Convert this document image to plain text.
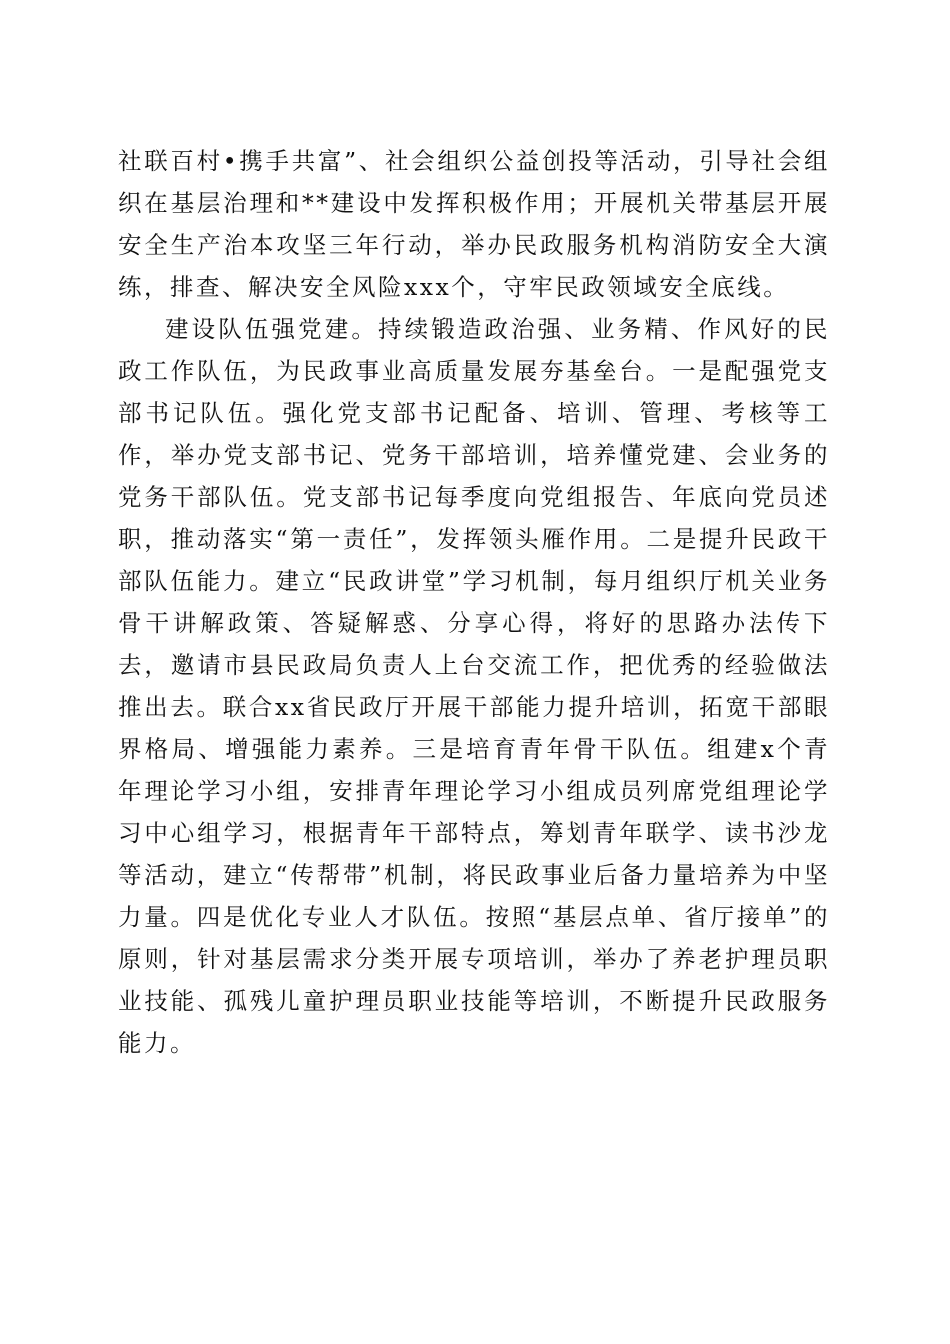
社联百村•携手共富”、社会组织公益创投等活动，引导社会组织在基层治理和**建设中发挥积极作用；开展机关带基层开展安全生产治本攻坚三年行动，举办民政服务机构消防安全大演练，排查、解决安全风险xxx个，守牢民政领域安全底线。

建设队伍强党建。持续锻造政治强、业务精、作风好的民政工作队伍，为民政事业高质量发展夯基垒台。一是配强党支部书记队伍。强化党支部书记配备、培训、管理、考核等工作，举办党支部书记、党务干部培训，培养懂党建、会业务的党务干部队伍。党支部书记每季度向党组报告、年底向党员述职，推动落实“第一责任”，发挥领头雁作用。二是提升民政干部队伍能力。建立“民政讲堂”学习机制，每月组织厅机关业务骨干讲解政策、答疑解惑、分享心得，将好的思路办法传下去，邀请市县民政局负责人上台交流工作，把优秀的经验做法推出去。联合xx省民政厅开展干部能力提升培训，拓宽干部眼界格局、增强能力素养。三是培育青年骨干队伍。组建x个青年理论学习小组，安排青年理论学习小组成员列席党组理论学习中心组学习，根据青年干部特点，筹划青年联学、读书沙龙等活动，建立“传帮带”机制，将民政事业后备力量培养为中坚力量。四是优化专业人才队伍。按照“基层点单、省厅接单”的原则，针对基层需求分类开展专项培训，举办了养老护理员职业技能、孤残儿童护理员职业技能等培训，不断提升民政服务能力。
